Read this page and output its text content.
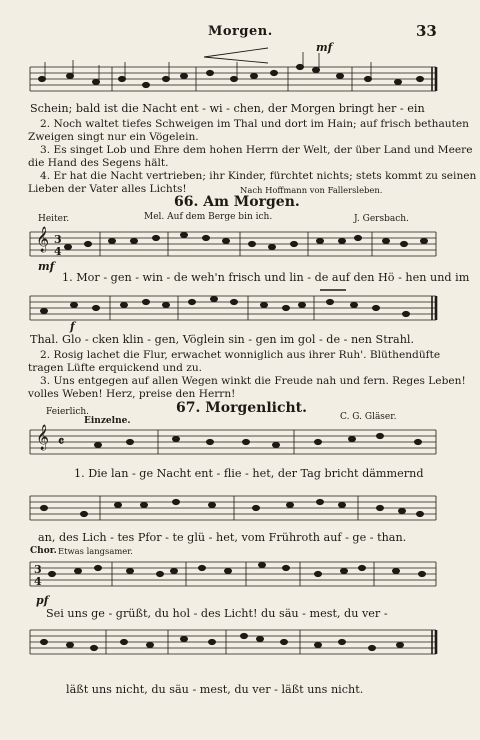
Morgen.	33
𝄞 3
4
𝄞 𝄴
3
4
mf
Schein; bald ist die Nacht ent - wi - chen, der Morgen bringt her - ein
2. Noch waltet tiefes Schweigen im Thal und dort im Hain; auf frisch bethauten
Zweigen singt nur ein Vögelein.
3. Es singet Lob und Ehre dem hohen Herrn der Welt, der über Land und Meere
die Hand des Segens hält.
4. Er hat die Nacht vertrieben; ihr Kinder, fürchtet nichts; stets kommt zu seinen
Lieben der Vater alles Lichts!	Nach Hoffmann von Fallersleben.
66. Am Morgen.
Heiter.	Mel. Auf dem Berge bin ich.	J. Gersbach.
mf
1. Mor - gen - win - de weh'n frisch und lin - de auf den Hö - hen und im
f
Thal. Glo - cken klin - gen, Vöglein sin - gen im gol - de - nen Strahl.
2. Rosig lachet die Flur, erwachet wonniglich aus ihrer Ruh'. Blüthendüfte
tragen Lüfte erquickend und zu.
3. Uns entgegen auf allen Wegen winkt die Freude nah und fern. Reges Leben!
volles Weben! Herz, preise den Herrn!
67. Morgenlicht.
Feierlich.
Einzelne.	C. G. Gläser.
1. Die lan - ge Nacht ent - flie - het, der Tag bricht dämmernd
an, des Lich - tes Pfor - te glü - het, vom Frühroth auf - ge - than.
Chor. Etwas langsamer.
pf
Sei uns ge - grüßt, du hol - des Licht! du säu - mest, du ver -
läßt uns nicht, du säu - mest, du ver - läßt uns nicht.
